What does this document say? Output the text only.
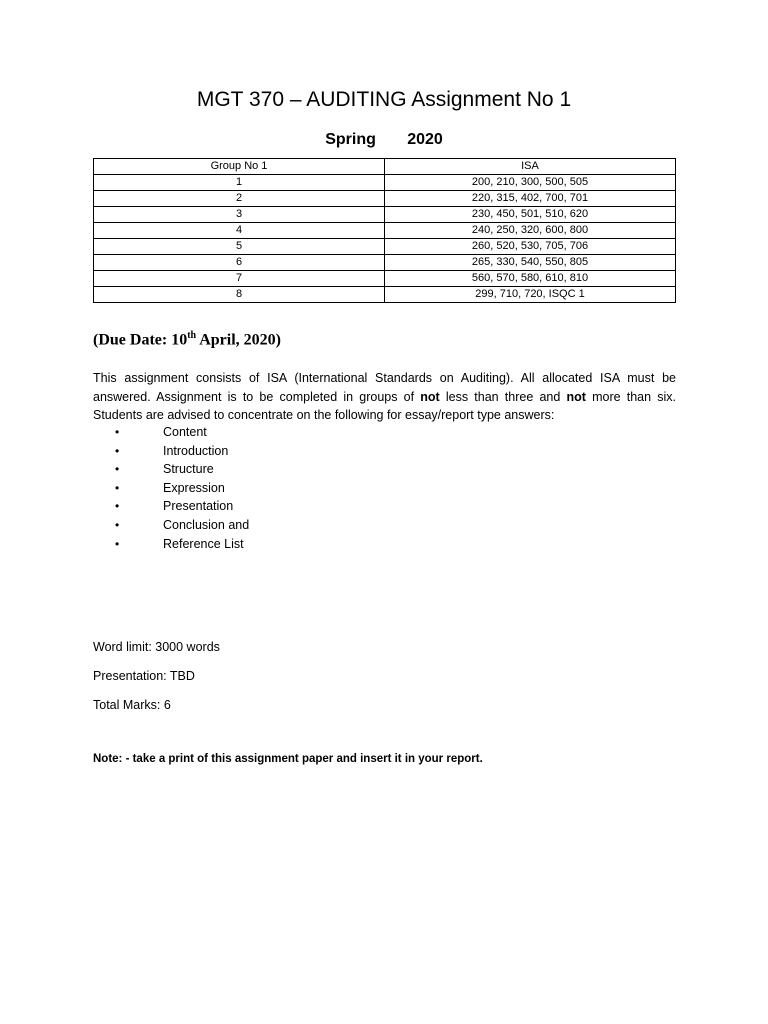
MGT 370 – AUDITING Assignment No 1
Spring   2020
Group No 1	ISA
1	200, 210, 300, 500, 505
2	220, 315, 402, 700, 701
3	230, 450, 501, 510, 620
4	240, 250, 320, 600, 800
5	260, 520, 530, 705, 706
6	265, 330, 540, 550, 805
7	560, 570, 580, 610, 810
8	299, 710, 720, ISQC 1
(Due Date: 10th April, 2020)
This assignment consists of ISA (International Standards on Auditing). All allocated ISA must be answered. Assignment is to be completed in groups of not less than three and not more than six. Students are advised to concentrate on the following for essay/report type answers:
•	Content
•	Introduction
•	Structure
•	Expression
•	Presentation
•	Conclusion and
•	Reference List
Word limit: 3000 words
Presentation: TBD
Total Marks: 6
Note: - take a print of this assignment paper and insert it in your report.
